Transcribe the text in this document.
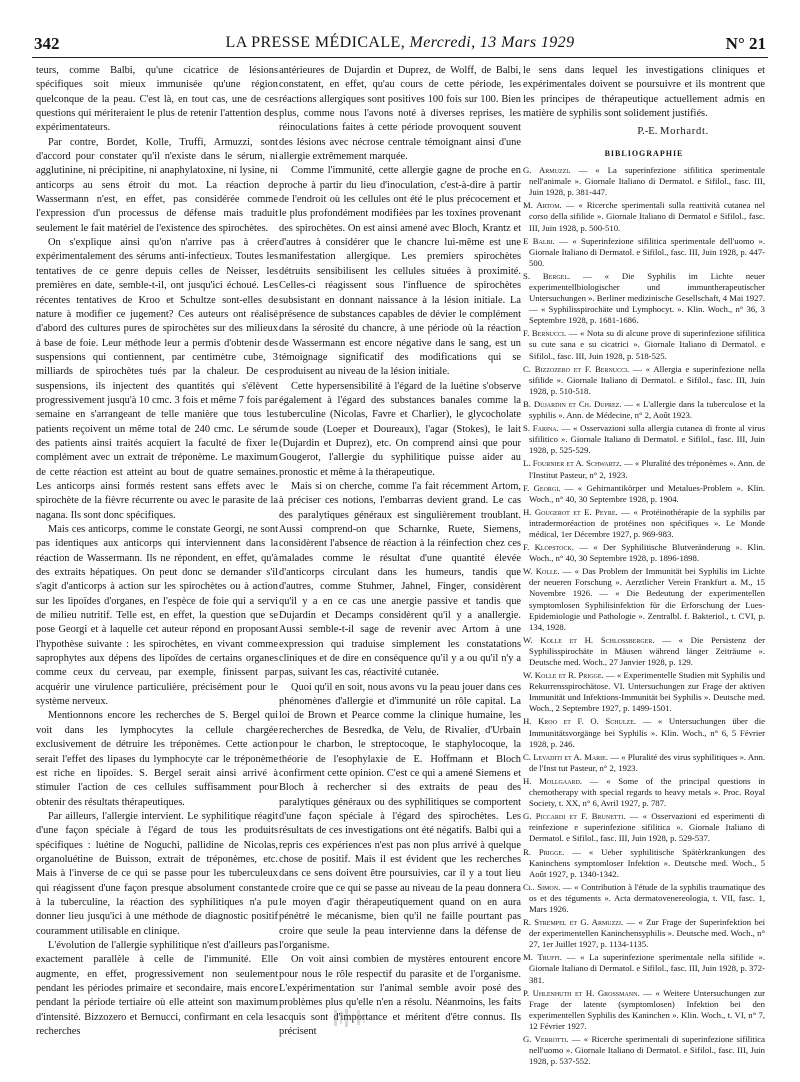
342	LA PRESSE MÉDICALE, Mercredi, 13 Mars 1929	N° 21

teurs, comme Balbi, qu'une cicatrice de lésions spécifiques soit mieux immunisée qu'une région quelconque de la peau. C'est là, en tout cas, une de ces questions qui mériteraient le plus de retenir l'attention des expérimentateurs.

Par contre, Bordet, Kolle, Truffi, Armuzzi, sont d'accord pour constater qu'il n'existe dans le sérum, ni agglutinine, ni précipitine, ni anaphylatoxine, ni lysine, ni anticorps au sens étroit du mot. La réaction de Wassermann n'est, en effet, pas considérée comme l'expression d'un processus de défense mais traduit seulement le fait matériel de l'existence des spirochètes.

On s'explique ainsi qu'on n'arrive pas à créer expérimentalement des sérums anti-infectieux. Toutes les tentatives de ce genre depuis celles de Neisser, les premières en date, semble-t-il, ont jusqu'ici échoué. Les récentes tentatives de Kroo et Schultze sont-elles de nature à modifier ce jugement? Ces auteurs ont réalisé d'abord des cultures pures de spirochètes sur des milieux à base de foie. Leur méthode leur a permis d'obtenir des suspensions qui contiennent, par centimètre cube, 3 milliards de spirochètes tués par la chaleur. De ces suspensions, ils injectent des quantités qui s'élèvent progressivement jusqu'à 10 cmc. 3 fois et même 7 fois par semaine en s'arrangeant de telle manière que tous les patients reçoivent un même total de 240 cmc. Le sérum des patients ainsi traités acquiert la faculté de fixer le complément avec un extrait de tréponème. Le maximum de cette réaction est atteint au bout de quatre semaines. Les anticorps ainsi formés restent sans effets avec le spirochète de la fièvre récurrente ou avec le parasite de la nagana. Ils sont donc spécifiques.

Mais ces anticorps, comme le constate Georgi, ne sont pas identiques aux anticorps qui interviennent dans la réaction de Wassermann. Ils ne répondent, en effet, qu'à des extraits hépatiques. On peut donc se demander s'il s'agit d'anticorps à action sur les spirochètes ou à action sur les lipoïdes d'organes, en l'espèce de foie qui a servi de milieu nutritif. Telle est, en effet, la question que se pose Georgi et à laquelle cet auteur répond en proposant l'hypothèse suivante : les spirochètes, en vivant comme saprophytes aux dépens des lipoïdes de certains organes comme ceux du cerveau, par exemple, finissent par acquérir une virulence particulière, précisément pour le système nerveux.

Mentionnons encore les recherches de S. Bergel qui voit dans les lymphocytes la cellule chargée exclusivement de détruire les tréponèmes. Cette action serait l'effet des lipases du lymphocyte car le tréponème est riche en lipoïdes. S. Bergel serait ainsi arrivé à stimuler l'action de ces cellules suffisamment pour obtenir des résultats thérapeutiques.

Par ailleurs, l'allergie intervient. Le syphilitique réagit d'une façon spéciale à l'égard de tous les produits spécifiques : luétine de Noguchi, pallidine de Nicolas, organoluétine de Buisson, extrait de tréponèmes, etc. Mais à l'inverse de ce qui se passe pour les tuberculeux qui réagissent d'une façon presque absolument constante à la tuberculine, la réaction des syphilitiques n'a pu donner lieu jusqu'ici à une méthode de diagnostic positif couramment utilisable en clinique.

L'évolution de l'allergie syphilitique n'est d'ailleurs pas exactement parallèle à celle de l'immunité. Elle augmente, en effet, progressivement non seulement pendant les périodes primaire et secondaire, mais encore pendant la période tertiaire où elle atteint son maximum d'intensité. Bizzozero et Bernucci, confirmant en cela les recherches

antérieures de Dujardin et Duprez, de Wolff, de Balbi, constatent, en effet, qu'au cours de cette période, les réactions allergiques sont positives 100 fois sur 100. Bien plus, comme nous l'avons noté à diverses reprises, les réinoculations faites à cette période provoquent souvent des lésions avec nécrose centrale témoignant ainsi d'une allergie extrêmement marquée.

Comme l'immunité, cette allergie gagne de proche en proche à partir du lieu d'inoculation, c'est-à-dire à partir de l'endroit où les cellules ont été le plus précocement et le plus profondément modifiées par les toxines provenant des spirochètes. On est ainsi amené avec Bloch, Krantz et d'autres à considérer que le chancre lui-même est une manifestation allergique. Les premiers spirochètes détruits sensibilisent les cellules situées à proximité. Celles-ci réagissent sous l'influence de spirochètes subsistant en donnant naissance à la lésion initiale. La présence de substances capables de dévier le complément dans la sérosité du chancre, à une période où la réaction de Wassermann est encore négative dans le sang, est un témoignage significatif des modifications qui se produisent au niveau de la lésion initiale.

Cette hypersensibilité à l'égard de la luétine s'observe également à l'égard des substances banales comme la tuberculine (Nicolas, Favre et Charlier), le glycocholate de soude (Loeper et Doureaux), l'agar (Stokes), le lait (Dujardin et Duprez), etc. On comprend ainsi que pour Gougerot, l'allergie du syphilitique puisse aider au pronostic et même à la thérapeutique.

Mais si on cherche, comme l'a fait récemment Artom, à préciser ces notions, l'embarras devient grand. Le cas des paralytiques généraux est singulièrement troublant. Aussi comprend-on que Scharnke, Ruete, Siemens, considèrent l'absence de réaction à la réinfection chez ces malades comme le résultat d'une quantité élevée d'anticorps circulant dans les humeurs, tandis que d'autres, comme Stuhmer, Jahnel, Finger, considèrent qu'il y a en ce cas une anergie passive et tandis que Dujardin et Decamps considèrent qu'il y a anallergie. Aussi semble-t-il sage de revenir avec Artom à une expression qui traduise simplement les constatations cliniques et de dire en conséquence qu'il y a ou qu'il n'y a pas, suivant les cas, réactivité cutanée.

Quoi qu'il en soit, nous avons vu la peau jouer dans ces phénomènes d'allergie et d'immunité un rôle capital. La loi de Brown et Pearce comme la clinique humaine, les recherches de Besredka, de Velu, de Rivalier, d'Urbain pour le charbon, le streptocoque, le staphylocoque, la théorie de l'esophylaxie de E. Hoffmann et Bloch confirment cette opinion. C'est ce qui a amené Siemens et Bloch à rechercher si des extraits de peau des paralytiques généraux ou des syphilitiques se comportent d'une façon spéciale à l'égard des spirochètes. Les résultats de ces investigations ont été négatifs. Balbi qui a repris ces expériences n'est pas non plus arrivé à quelque chose de positif. Mais il est évident que les recherches dans ce sens doivent être poursuivies, car il y a tout lieu de croire que ce qui se passe au niveau de la peau donnera le moyen d'agir thérapeutiquement quand on en aura pénétré le mécanisme, bien qu'il ne faille pourtant pas croire que seule la peau intervienne dans la défense de l'organisme.

On voit ainsi combien de mystères entourent encore pour nous le rôle respectif du parasite et de l'organisme. L'expérimentation sur l'animal semble avoir posé des problèmes plus qu'elle n'en a résolu. Néanmoins, les faits acquis sont d'importance et méritent d'être connus. Ils précisent

le sens dans lequel les investigations cliniques et expérimentales doivent se poursuivre et ils montrent que les principes de thérapeutique actuellement admis en matière de syphilis sont solidement justifiés.

P.-E. Morhardt.
BIBLIOGRAPHIE

G. Armuzzi. — « La superinfezione sifilitica sperimentale nell'animale ». Giornale Italiano di Dermatol. e Sifilol., fasc. III, Juin 1928, p. 381-447.

M. Artom. — « Ricerche sperimentali sulla reattività cutanea nel corso della sifilide ». Giornale Italiano di Dermatol e Sifilol., fasc. III, Juin 1928, p. 500-510.

E Balbi. — « Superinfezione sifilitica sperimentale dell'uomo ». Giornale Italiano di Dermatol. e Sifilol., fasc. III, Juin 1928, p. 447-500.

S. Bergel. — « Die Syphilis im Lichte neuer experimentellbiologischer und immuntherapeutischer Untersuchungen ». Berliner medizinische Gesellschaft, 4 Mai 1927. — « Syphilisspirochäte und Lymphocyt. ». Klin. Woch., n° 36, 3 Septembre 1928, p. 1681-1686.

F. Bernucci. — « Nota su di alcune prove di superinfezione sifilitica su cute sana e su cicatrici ». Giornale Italiano di Dermatol. e Sifilol., fasc. III, Juin 1928, p. 518-525.

C. Bizzozero et F. Bernucci. — « Allergia e superinfezione nella sifilide ». Giornale Italiano di Dermatol. e Sifilol., fasc. III, Juin 1928, p. 510-518.

B. Dujardin et Ch. Duprez. — « L'allergie dans la tuberculose et la syphilis ». Ann. de Médecine, n° 2, Août 1923.

S. Farina. — « Osservazioni sulla allergia cutanea di fronte al virus sifilitico ». Giornale Italiano di Dermatol. e Sifilol., fasc. III, Juin 1928, p. 525-529.

L. Fournier et A. Schwartz. — « Pluralité des tréponèmes ». Ann. de l'Institut Pasteur, n° 2, 1923.

F. Georgi. — « Gehirnantikörper und Metalues-Problem ». Klin. Woch., n° 40, 30 Septembre 1928, p. 1904.

H. Gougerot et E. Peyre. — « Protéinothérapie de la syphilis par intradermoréaction de protéines non spécifiques ». Le Monde médical, 1er Décembre 1927, p. 969-983.

F. Klopstock. — « Der Syphilitische Blutveränderung ». Klin. Woch., n° 40, 30 Septembre 1928, p. 1896-1898.

W. Kolle. — « Das Problem der Immunität bei Syphilis im Lichte der neueren Forschung ». Aerztlicher Verein Frankfurt a. M., 15 Novembre 1926. — « Die Bedeutung der experimentellen symptomlosen Syphilisinfektion für die Erforschung der Lues-Epidemiologie und Pathologie ». Zentralbl. f. Bakteriol., t. CVI, p. 134, 1928.

W. Kolle et H. Schlossberger. — « Die Persistenz der Syphilisspirochäte in Mäusen während länger Zeiträume ». Deutsche med. Woch., 27 Janvier 1928, p. 129.

W. Kolle et R. Prigge. — « Experimentelle Studien mit Syphilis und Rekurrensspirochätose. VI. Untersuchungen zur Frage der aktiven Immunität und Infektions-Immunität bei Syphilis ». Deutsche med. Woch., 2 Septembre 1927, p. 1499-1501.

H. Kroo et F. O. Schulze. — « Untersuchungen über die Immunitätsvorgänge bei Syphilis ». Klin. Woch., n° 6, 5 Février 1928, p. 246.

C. Levaditi et A. Marie. — « Pluralité des virus syphilitiques ». Ann. de l'Inst tut Pasteur, n° 2, 1923.

H. Mollgaard. — « Some of the principal questions in chemotherapy with special regards to heavy metals ». Proc. Royal Society, t. XX, n° 6, Avril 1927, p. 787.

G. Piccardi et F. Brunetti. — « Osservazioni ed esperimenti di reinfezione e superinfezione sifilitica ». Giornale Italiano di Dermatol. e Sifilol., fasc. III, Juin 1928, p. 529-537.

R. Prigge. — « Ueber syphilitische Spätèrkrankungen des Kaninchens symptomloser Infektion ». Deutsche med. Woch., 5 Août 1927, p. 1340-1342.

Cl. Simon. — « Contribution à l'étude de la syphilis traumatique des os et des téguments ». Acta dermatovenereologia, t. VII, fasc. 1, Mars 1926.

R. Strempel et G. Armuzzi. — « Zur Frage der Superinfektion bei der experimentellen Kaninchensyphilis ». Deutsche med. Woch., n° 27, 1er Juillet 1927, p. 1134-1135.

M. Truffi. — « La superinfezione sperimentale nella sifilide ». Giornale Italiano di Dermatol. e Sifilol., fasc. III, Juin 1928, p. 372-381.

P. Uhlenhuth et H. Grossmann. — « Weitere Untersuchungen zur Frage der latente (symptomlosen) Infektion bei den experimentellen Syphilis des Kaninchen ». Klin. Woch., t. VI, n° 7, 12 Février 1927.

G. Verrotti. — « Ricerche sperimentali di superinfezione sifilitica nell'uomo ». Giornale Italiano di Dermatol. e Sifilol., fasc. III, Juin 1928, p. 537-552.
